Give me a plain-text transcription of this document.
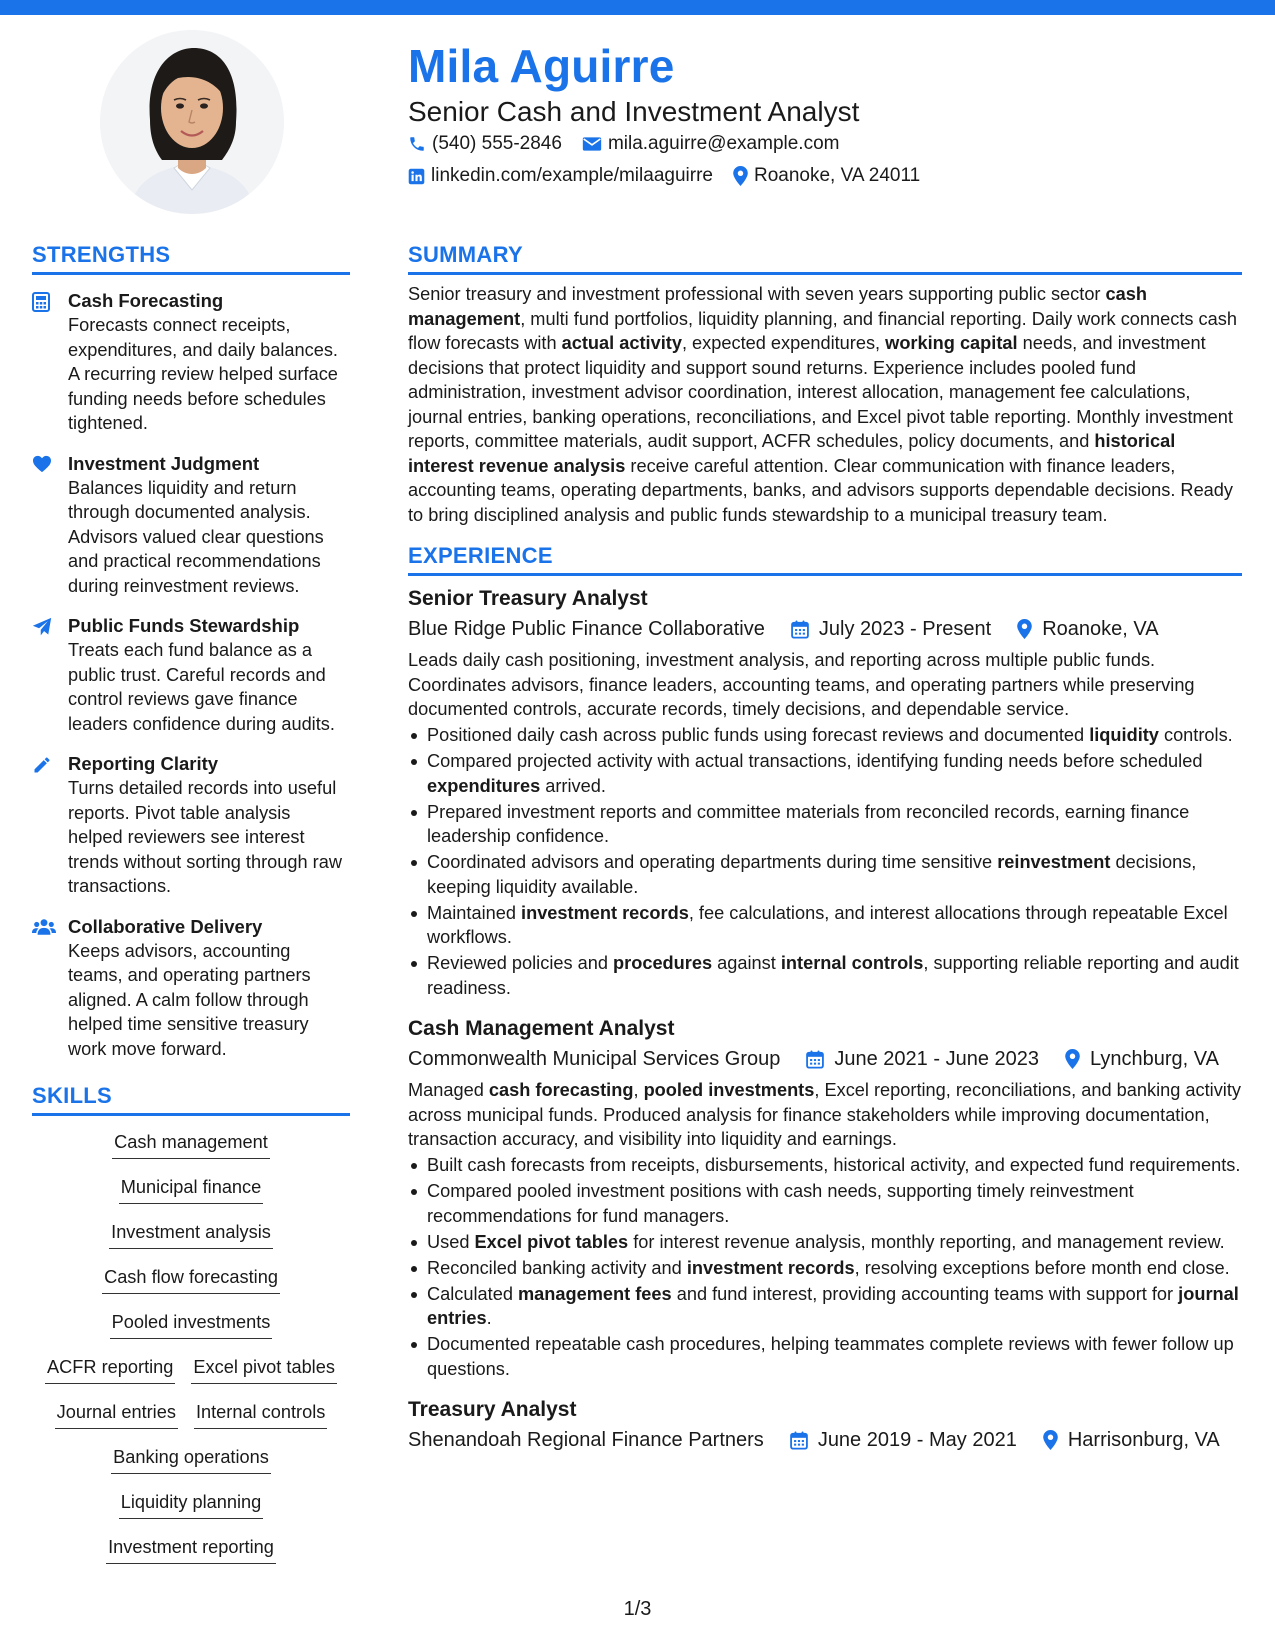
Mila Aguirre
Senior Cash and Investment Analyst
(540) 555-2846 mila.aguirre@example.com
linkedin.com/example/milaaguirre Roanoke, VA 24011
STRENGTHS
Cash Forecasting
Forecasts connect receipts, expenditures, and daily balances. A recurring review helped surface funding needs before schedules tightened.
Investment Judgment
Balances liquidity and return through documented analysis. Advisors valued clear questions and practical recommendations during reinvestment reviews.
Public Funds Stewardship
Treats each fund balance as a public trust. Careful records and control reviews gave finance leaders confidence during audits.
Reporting Clarity
Turns detailed records into useful reports. Pivot table analysis helped reviewers see interest trends without sorting through raw transactions.
Collaborative Delivery
Keeps advisors, accounting teams, and operating partners aligned. A calm follow through helped time sensitive treasury work move forward.
SKILLS
Cash management
Municipal finance
Investment analysis
Cash flow forecasting
Pooled investments
ACFR reporting Excel pivot tables
Journal entries Internal controls
Banking operations
Liquidity planning
Investment reporting
SUMMARY
Senior treasury and investment professional with seven years supporting public sector cash management, multi fund portfolios, liquidity planning, and financial reporting. Daily work connects cash flow forecasts with actual activity, expected expenditures, working capital needs, and investment decisions that protect liquidity and support sound returns. Experience includes pooled fund administration, investment advisor coordination, interest allocation, management fee calculations, journal entries, banking operations, reconciliations, and Excel pivot table reporting. Monthly investment reports, committee materials, audit support, ACFR schedules, policy documents, and historical interest revenue analysis receive careful attention. Clear communication with finance leaders, accounting teams, operating departments, banks, and advisors supports dependable decisions. Ready to bring disciplined analysis and public funds stewardship to a municipal treasury team.
EXPERIENCE
Senior Treasury Analyst
Blue Ridge Public Finance Collaborative	July 2023 - Present	Roanoke, VA
Leads daily cash positioning, investment analysis, and reporting across multiple public funds. Coordinates advisors, finance leaders, accounting teams, and operating partners while preserving documented controls, accurate records, timely decisions, and dependable service.
Positioned daily cash across public funds using forecast reviews and documented liquidity controls.
Compared projected activity with actual transactions, identifying funding needs before scheduled expenditures arrived.
Prepared investment reports and committee materials from reconciled records, earning finance leadership confidence.
Coordinated advisors and operating departments during time sensitive reinvestment decisions, keeping liquidity available.
Maintained investment records, fee calculations, and interest allocations through repeatable Excel workflows.
Reviewed policies and procedures against internal controls, supporting reliable reporting and audit readiness.
Cash Management Analyst
Commonwealth Municipal Services Group	June 2021 - June 2023	Lynchburg, VA
Managed cash forecasting, pooled investments, Excel reporting, reconciliations, and banking activity across municipal funds. Produced analysis for finance stakeholders while improving documentation, transaction accuracy, and visibility into liquidity and earnings.
Built cash forecasts from receipts, disbursements, historical activity, and expected fund requirements.
Compared pooled investment positions with cash needs, supporting timely reinvestment recommendations for fund managers.
Used Excel pivot tables for interest revenue analysis, monthly reporting, and management review.
Reconciled banking activity and investment records, resolving exceptions before month end close.
Calculated management fees and fund interest, providing accounting teams with support for journal entries.
Documented repeatable cash procedures, helping teammates complete reviews with fewer follow up questions.
Treasury Analyst
Shenandoah Regional Finance Partners	June 2019 - May 2021	Harrisonburg, VA
1/3
